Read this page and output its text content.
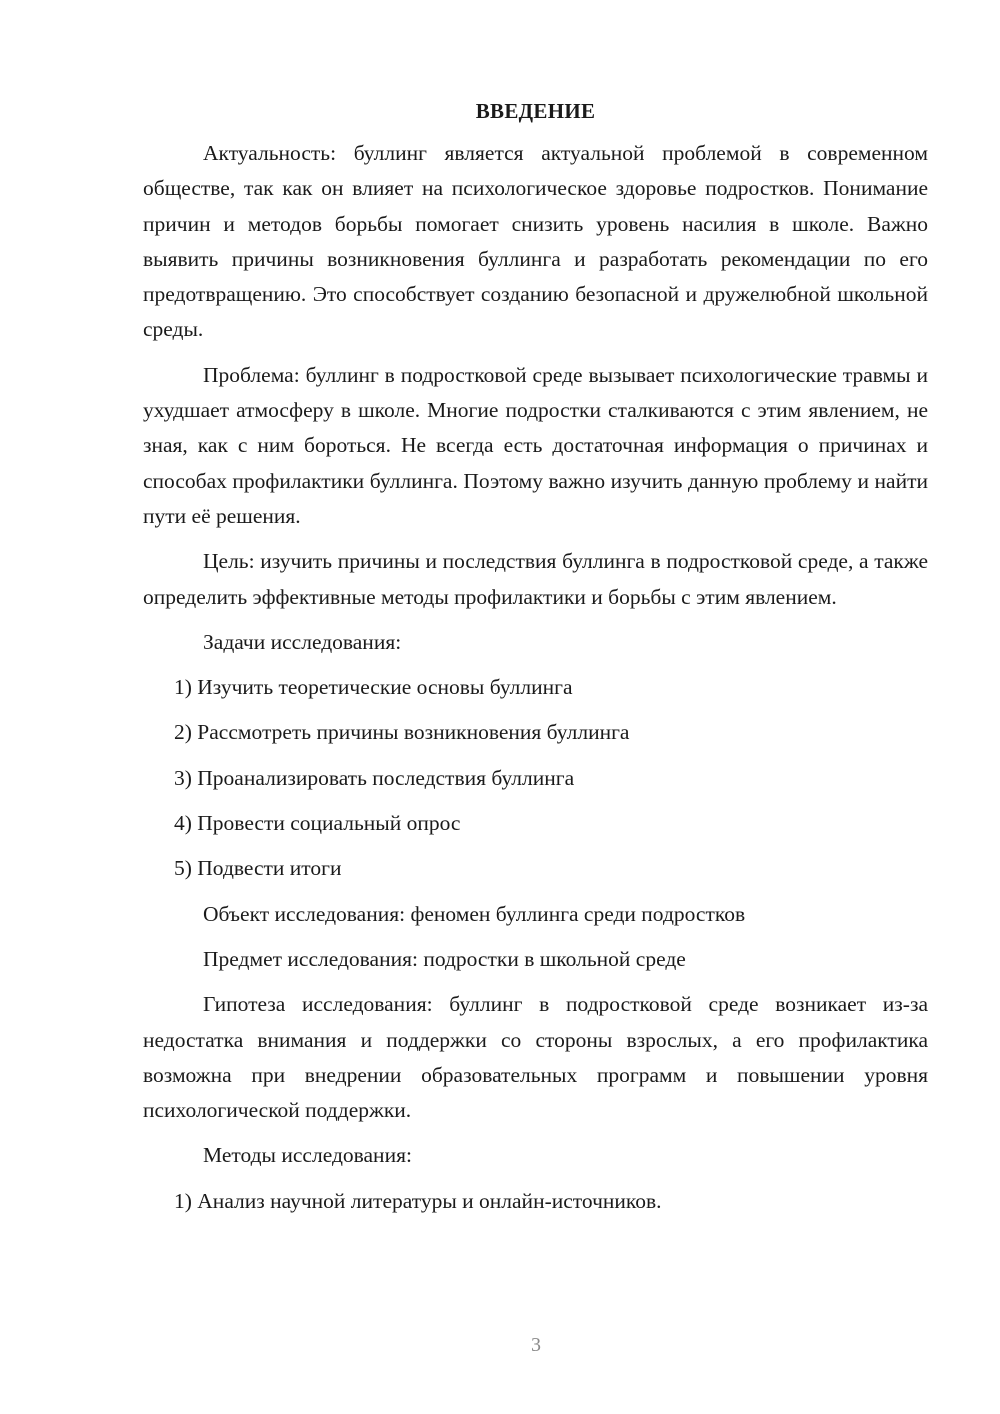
ВВЕДЕНИЕ

Актуальность: буллинг является актуальной проблемой в современном обществе, так как он влияет на психологическое здоровье подростков. Понимание причин и методов борьбы помогает снизить уровень насилия в школе. Важно выявить причины возникновения буллинга и разработать рекомендации по его предотвращению. Это способствует созданию безопасной и дружелюбной школьной среды.

Проблема: буллинг в подростковой среде вызывает психологические травмы и ухудшает атмосферу в школе. Многие подростки сталкиваются с этим явлением, не зная, как с ним бороться. Не всегда есть достаточная информация о причинах и способах профилактики буллинга. Поэтому важно изучить данную проблему и найти пути её решения.

Цель: изучить причины и последствия буллинга в подростковой среде, а также определить эффективные методы профилактики и борьбы с этим явлением.

Задачи исследования:

1) Изучить теоретические основы буллинга

2) Рассмотреть причины возникновения буллинга

3) Проанализировать последствия буллинга

4) Провести социальный опрос

5) Подвести итоги

Объект исследования: феномен буллинга среди подростков

Предмет исследования: подростки в школьной среде

Гипотеза исследования: буллинг в подростковой среде возникает из-за недостатка внимания и поддержки со стороны взрослых, а его профилактика возможна при внедрении образовательных программ и повышении уровня психологической поддержки.

Методы исследования:

1) Анализ научной литературы и онлайн-источников.

3
